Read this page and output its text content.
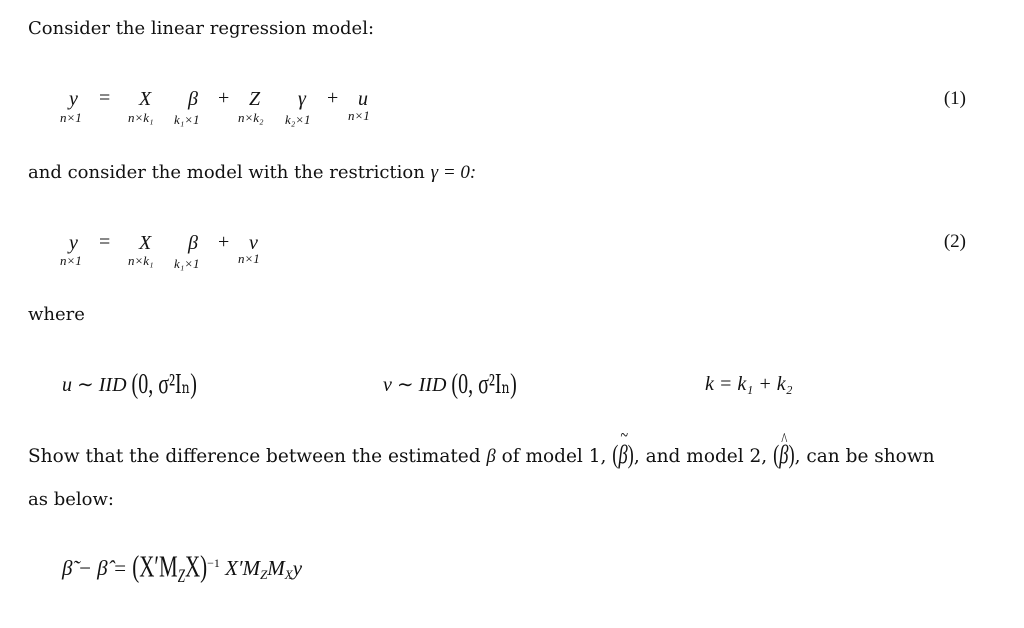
Consider the linear regression model:
y
n×1
= X
n×k₁
β
k₁×1
+ Z
n×k₂
γ
k₂×1
+ u
n×1
(1)
and consider the model with the restriction γ = 0:
y
n×1
= X
n×k₁
β
k₁×1
+ v
n×1
(2)
where
u ∼ IID (0, σ²Iₙ)	v ∼ IID (0, σ²Iₙ)	k = k₁ + k₂
Show that the difference between the estimated β of model 1, (~ β), and model 2, (^ β), can be shown
as below:
β̃ − β̂ = $(X'MZX)^{-1}$ X′MZMXy
